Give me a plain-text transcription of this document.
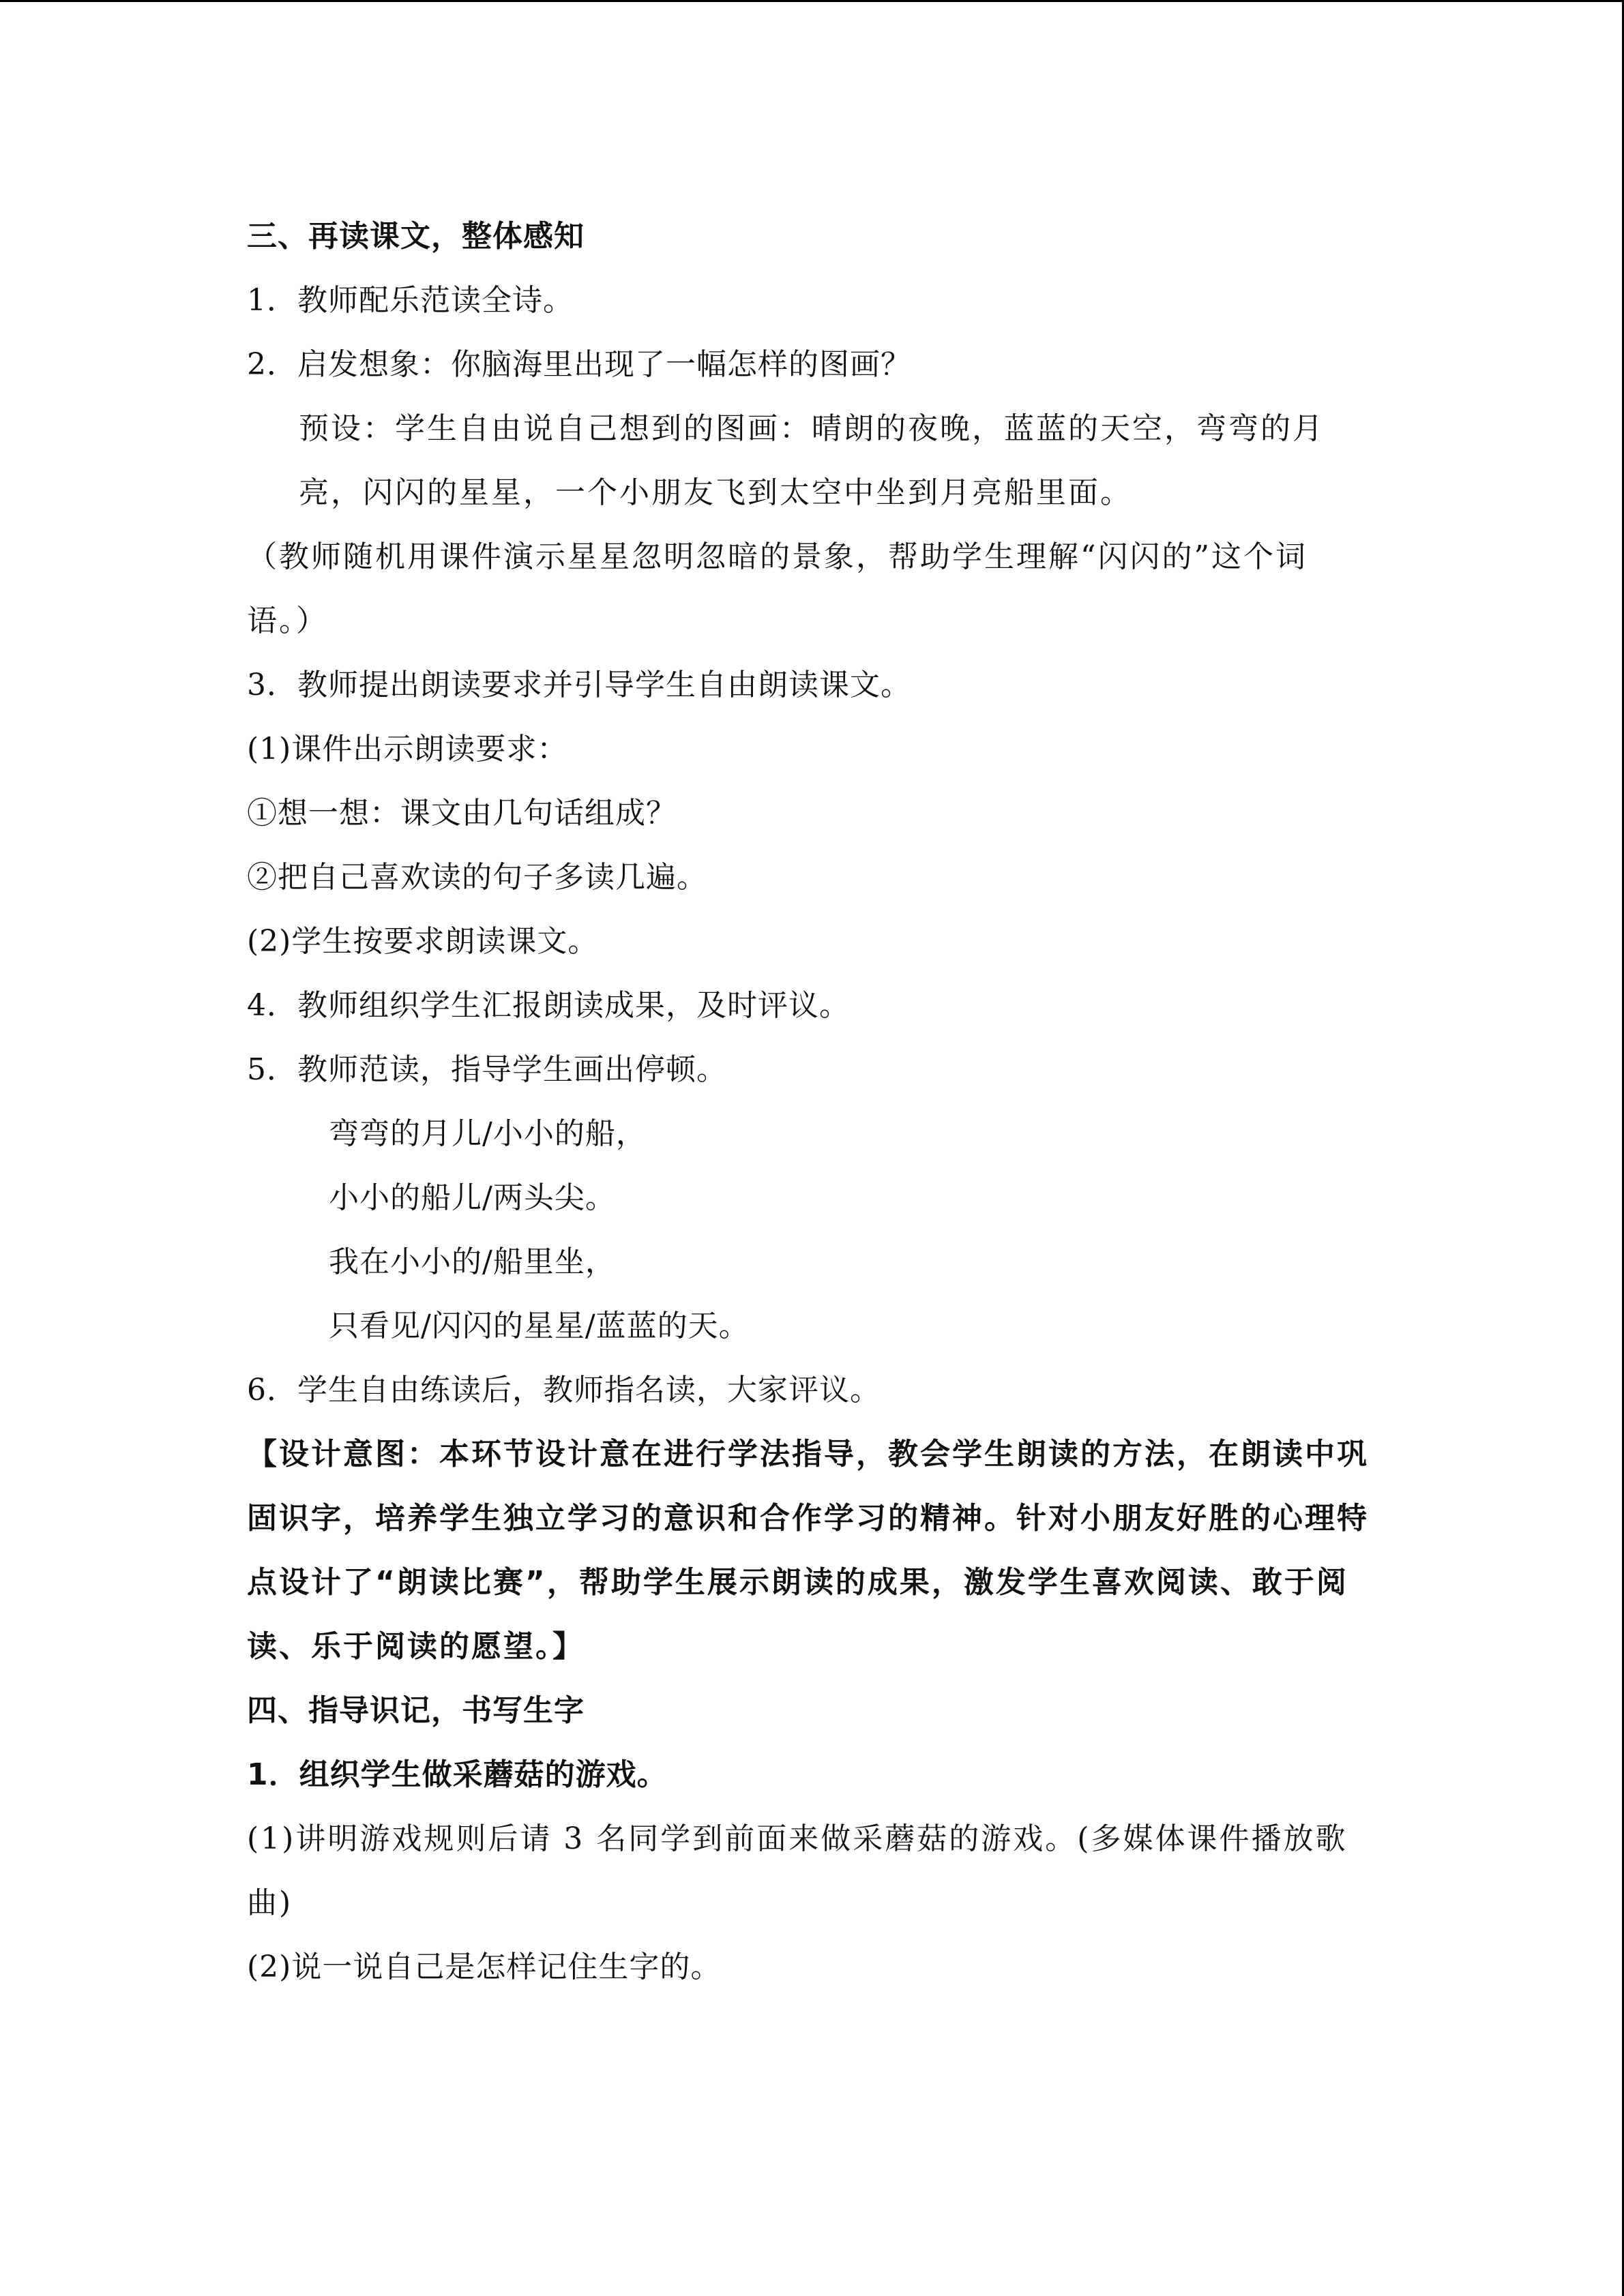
三、再读课文，整体感知
1．教师配乐范读全诗。
2．启发想象：你脑海里出现了一幅怎样的图画？
预设：学生自由说自己想到的图画：晴朗的夜晚，蓝蓝的天空，弯弯的月亮，闪闪的星星，一个小朋友飞到太空中坐到月亮船里面。
（教师随机用课件演示星星忽明忽暗的景象，帮助学生理解“闪闪的”这个词语。）
3．教师提出朗读要求并引导学生自由朗读课文。
(1)课件出示朗读要求：
①想一想：课文由几句话组成？
②把自己喜欢读的句子多读几遍。
(2)学生按要求朗读课文。
4．教师组织学生汇报朗读成果，及时评议。
5．教师范读，指导学生画出停顿。
弯弯的月儿/小小的船，
小小的船儿/两头尖。
我在小小的/船里坐，
只看见/闪闪的星星/蓝蓝的天。
6．学生自由练读后，教师指名读，大家评议。
【设计意图：本环节设计意在进行学法指导，教会学生朗读的方法，在朗读中巩固识字，培养学生独立学习的意识和合作学习的精神。针对小朋友好胜的心理特点设计了“朗读比赛”，帮助学生展示朗读的成果，激发学生喜欢阅读、敢于阅读、乐于阅读的愿望。】
四、指导识记，书写生字
1．组织学生做采蘑菇的游戏。
(1)讲明游戏规则后请 3 名同学到前面来做采蘑菇的游戏。(多媒体课件播放歌曲)
(2)说一说自己是怎样记住生字的。
